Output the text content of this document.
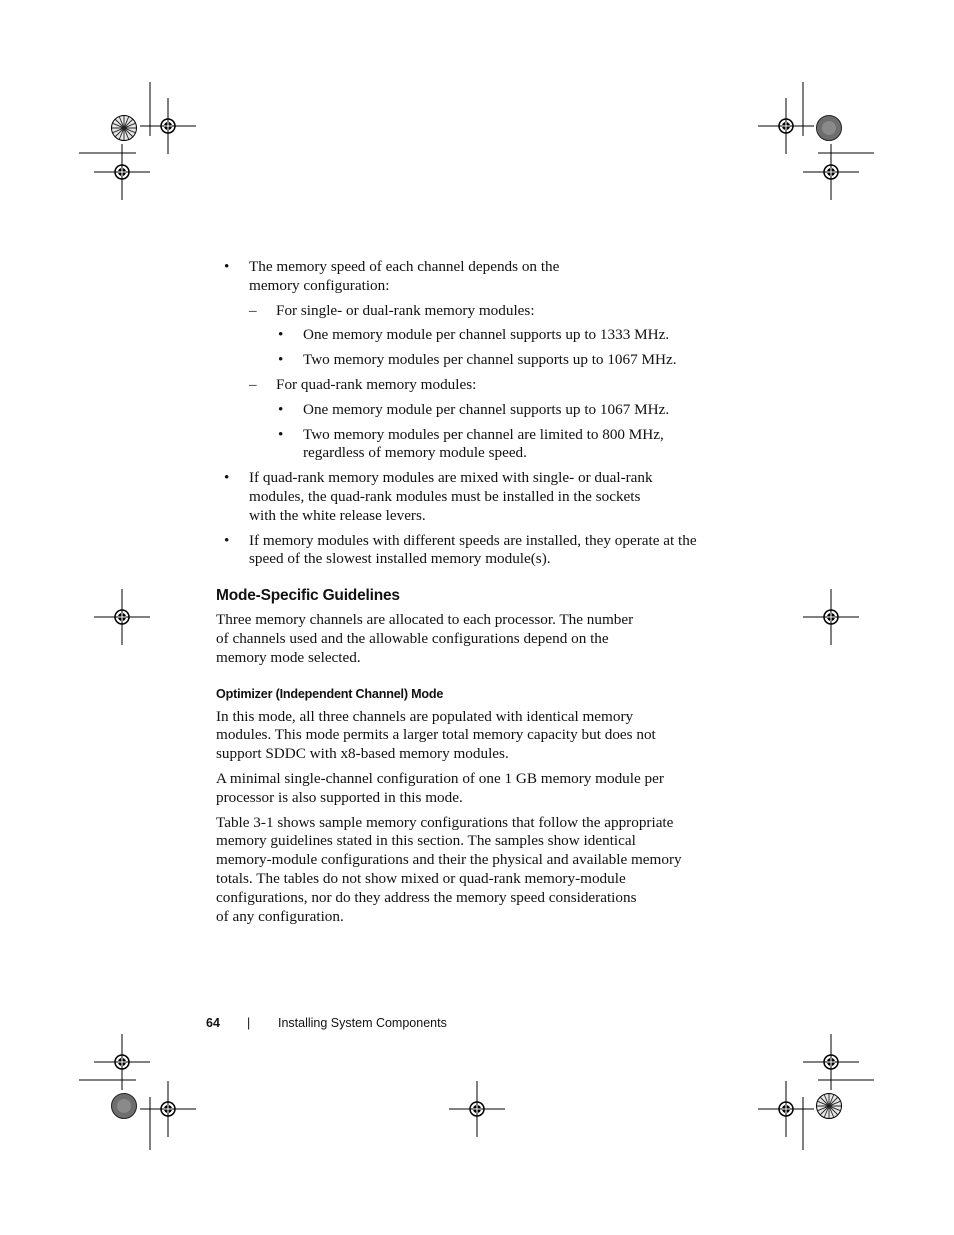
• The memory speed of each channel depends on the
memory configuration:

– For single- or dual-rank memory modules:

• One memory module per channel supports up to 1333 MHz.

• Two memory modules per channel supports up to 1067 MHz.

– For quad-rank memory modules:

• One memory module per channel supports up to 1067 MHz.

• Two memory modules per channel are limited to 800 MHz,
regardless of memory module speed.

• If quad-rank memory modules are mixed with single- or dual-rank
modules, the quad-rank modules must be installed in the sockets
with the white release levers.

• If memory modules with different speeds are installed, they operate at the
speed of the slowest installed memory module(s).

Mode-Specific Guidelines

Three memory channels are allocated to each processor. The number
of channels used and the allowable configurations depend on the
memory mode selected.

Optimizer (Independent Channel) Mode

In this mode, all three channels are populated with identical memory
modules. This mode permits a larger total memory capacity but does not
support SDDC with x8-based memory modules.

A minimal single-channel configuration of one 1 GB memory module per
processor is also supported in this mode.

Table 3-1 shows sample memory configurations that follow the appropriate
memory guidelines stated in this section. The samples show identical
memory-module configurations and their the physical and available memory
totals. The tables do not show mixed or quad-rank memory-module
configurations, nor do they address the memory speed considerations
of any configuration.

64 | Installing System Components
